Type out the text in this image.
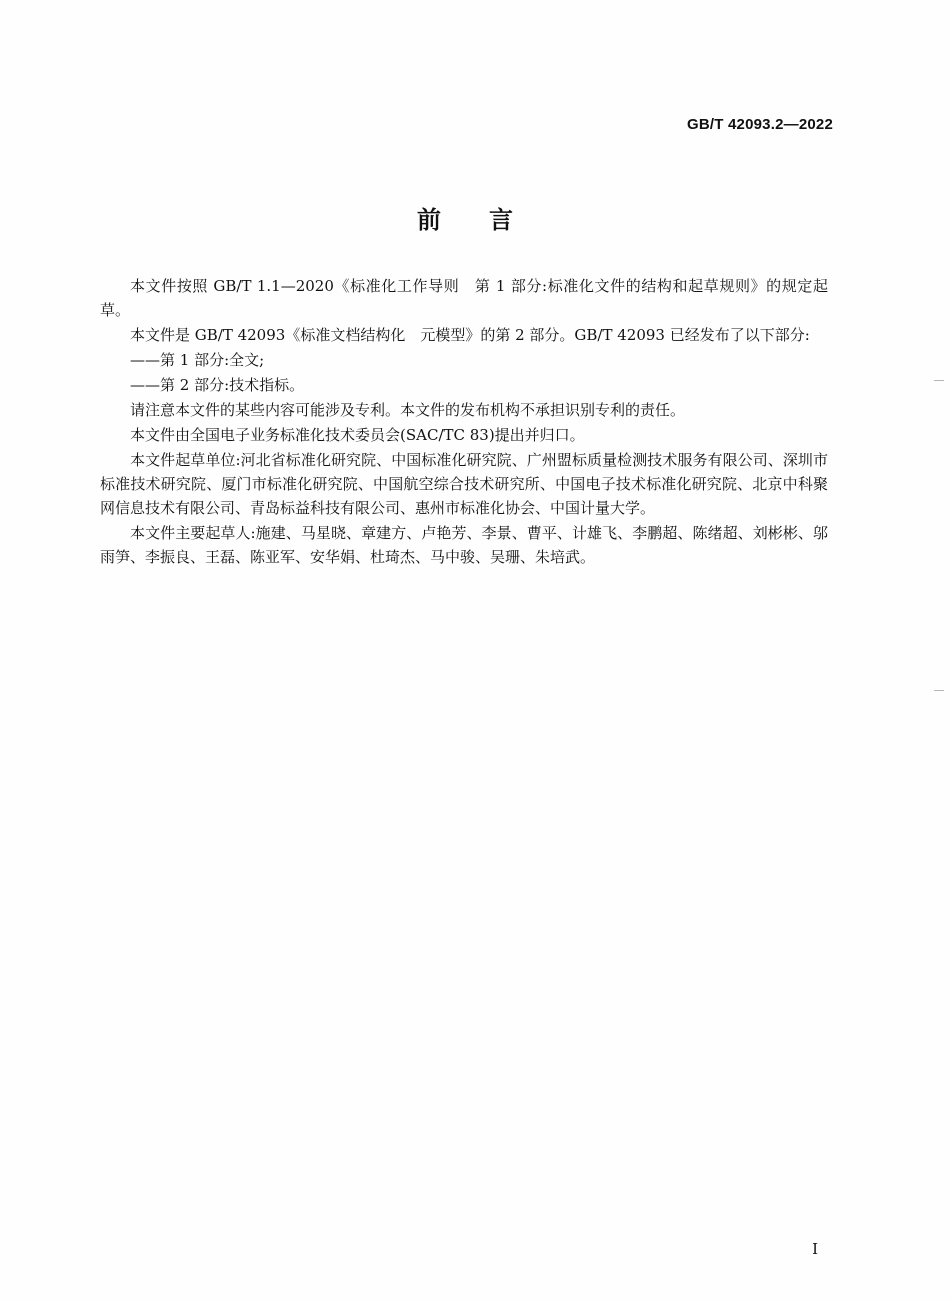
GB/T 42093.2—2022
前言

本文件按照 GB/T 1.1—2020《标准化工作导则　第 1 部分:标准化文件的结构和起草规则》的规定起草。

本文件是 GB/T 42093《标准文档结构化　元模型》的第 2 部分。GB/T 42093 已经发布了以下部分:

——第 1 部分:全文;

——第 2 部分:技术指标。

请注意本文件的某些内容可能涉及专利。本文件的发布机构不承担识别专利的责任。

本文件由全国电子业务标准化技术委员会(SAC/TC 83)提出并归口。

本文件起草单位:河北省标准化研究院、中国标准化研究院、广州盟标质量检测技术服务有限公司、深圳市标准技术研究院、厦门市标准化研究院、中国航空综合技术研究所、中国电子技术标准化研究院、北京中科聚网信息技术有限公司、青岛标益科技有限公司、惠州市标准化协会、中国计量大学。

本文件主要起草人:施建、马星晓、章建方、卢艳芳、李景、曹平、计雄飞、李鹏超、陈绪超、刘彬彬、邬雨笋、李振良、王磊、陈亚军、安华娟、杜琦杰、马中骏、吴珊、朱培武。

I
